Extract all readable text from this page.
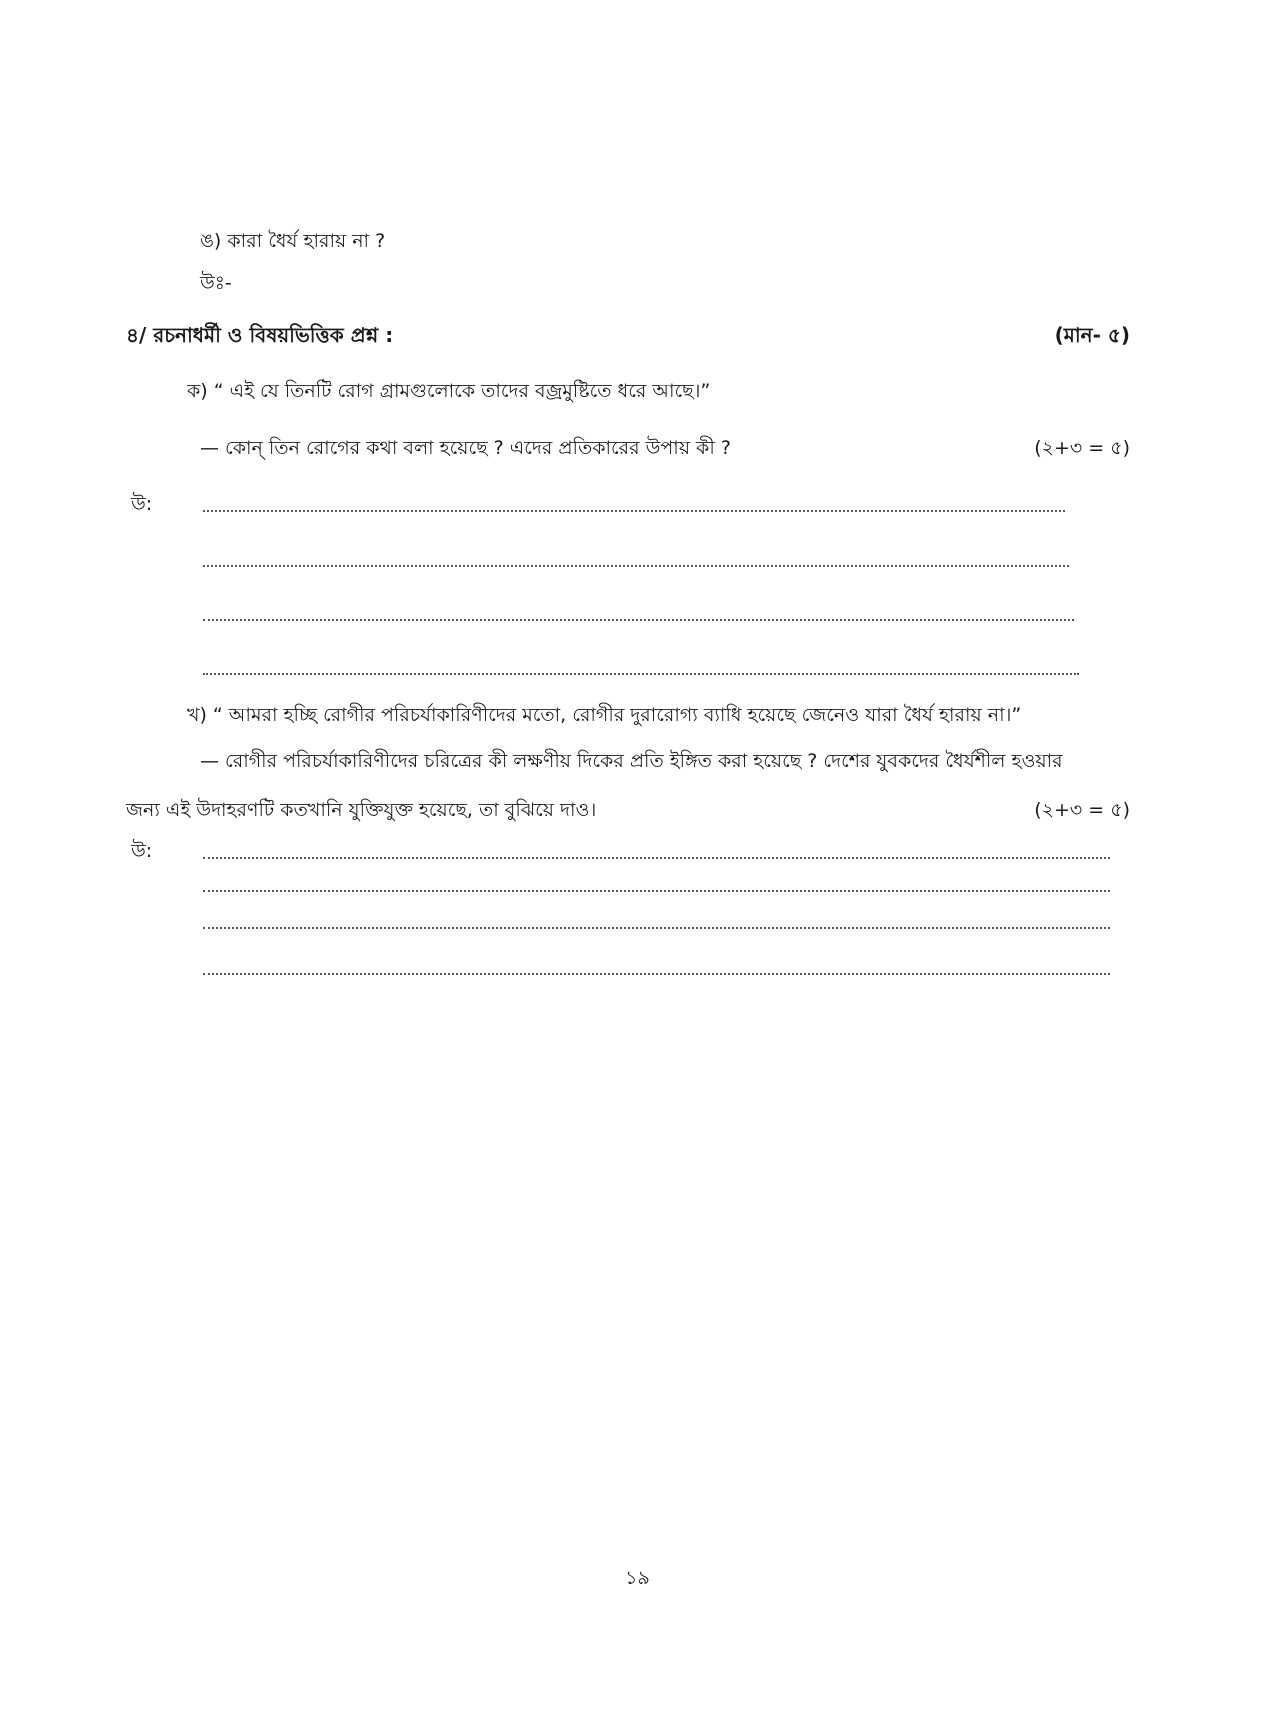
ঙ) কারা ধৈর্য হারায় না ?
উঃ-
৪/ রচনাধর্মী ও বিষয়ভিত্তিক প্রশ্ন :	(মান- ৫)
ক) “ এই যে তিনটি রোগ গ্রামগুলোকে তাদের বজ্রমুষ্টিতে ধরে আছে।”
— কোন্ তিন রোগের কথা বলা হয়েছে ? এদের প্রতিকারের উপায় কী ?	(২+৩ = ৫)
উ:
খ) “ আমরা হচ্ছি রোগীর পরিচর্যাকারিণীদের মতো, রোগীর দুরারোগ্য ব্যাধি হয়েছে জেনেও যারা ধৈর্য হারায় না।”
— রোগীর পরিচর্যাকারিণীদের চরিত্রের কী লক্ষণীয় দিকের প্রতি ইঙ্গিত করা হয়েছে ? দেশের যুবকদের ধৈর্যশীল হওয়ার
জন্য এই উদাহরণটি কতখানি যুক্তিযুক্ত হয়েছে, তা বুঝিয়ে দাও।	(২+৩ = ৫)
উ:
১৯
